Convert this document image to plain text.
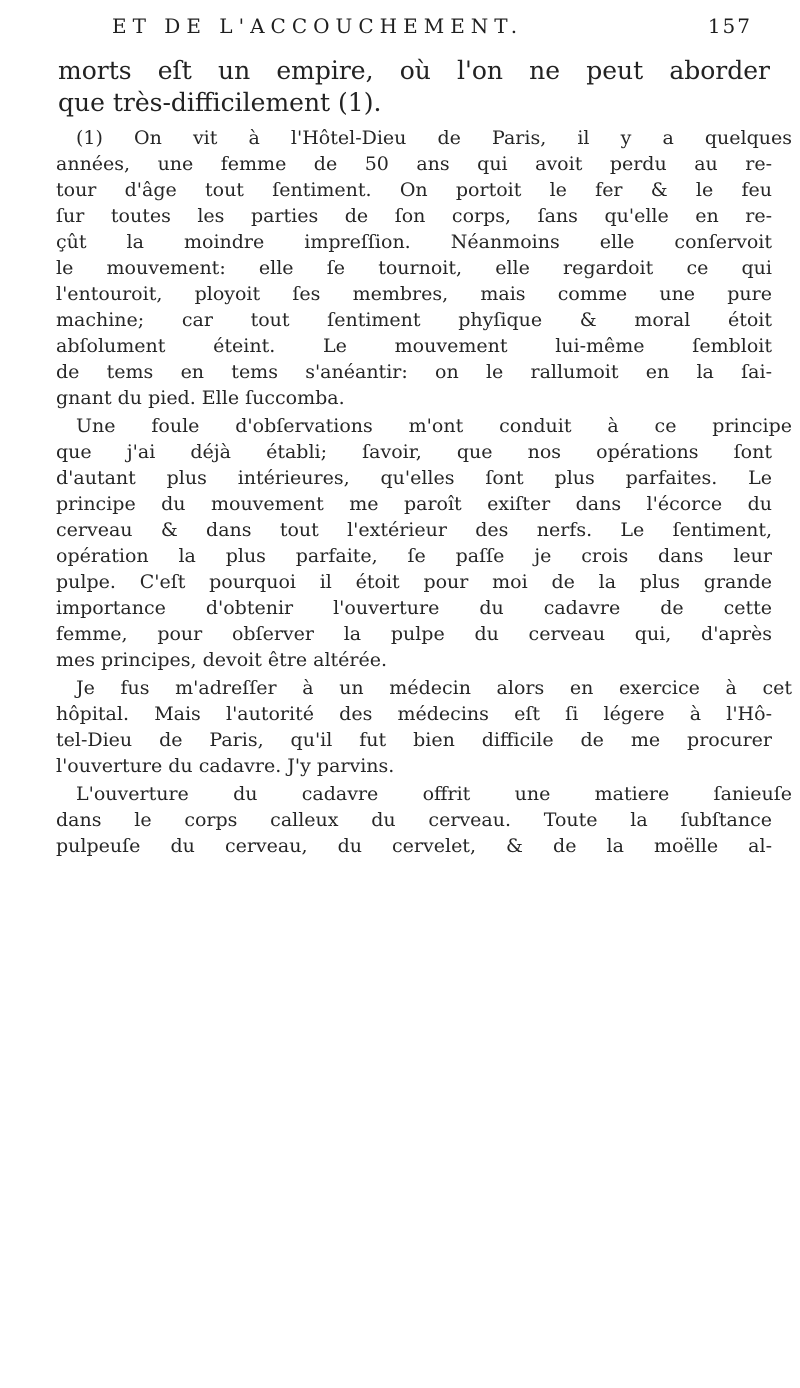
ET DE L'ACCOUCHEMENT.	157
morts eſt un empire, où l'on ne peut aborder
que très-difficilement (1).
(1) On vit à l'Hôtel-Dieu de Paris, il y a quelques
années, une femme de 50 ans qui avoit perdu au re-
tour d'âge tout ſentiment. On portoit le fer & le feu
ſur toutes les parties de ſon corps, ſans qu'elle en re-
çût la moindre impreſſion. Néanmoins elle conſervoit
le mouvement: elle ſe tournoit, elle regardoit ce qui
l'entouroit, ployoit ſes membres, mais comme une pure
machine; car tout ſentiment phyſique & moral étoit
abſolument éteint. Le mouvement lui-même ſembloit
de tems en tems s'anéantir: on le rallumoit en la ſai-
gnant du pied. Elle ſuccomba.
Une foule d'obſervations m'ont conduit à ce principe
que j'ai déjà établi; ſavoir, que nos opérations ſont
d'autant plus intérieures, qu'elles ſont plus parfaites. Le
principe du mouvement me paroît exiſter dans l'écorce du
cerveau & dans tout l'extérieur des nerfs. Le ſentiment,
opération la plus parfaite, ſe paſſe je crois dans leur
pulpe. C'eſt pourquoi il étoit pour moi de la plus grande
importance d'obtenir l'ouverture du cadavre de cette
femme, pour obſerver la pulpe du cerveau qui, d'après
mes principes, devoit être altérée.
Je fus m'adreſſer à un médecin alors en exercice à cet
hôpital. Mais l'autorité des médecins eſt ſi légere à l'Hô-
tel-Dieu de Paris, qu'il fut bien difficile de me procurer
l'ouverture du cadavre. J'y parvins.
L'ouverture du cadavre offrit une matiere ſanieuſe
dans le corps calleux du cerveau. Toute la ſubſtance
pulpeuſe du cerveau, du cervelet, & de la moëlle al-
